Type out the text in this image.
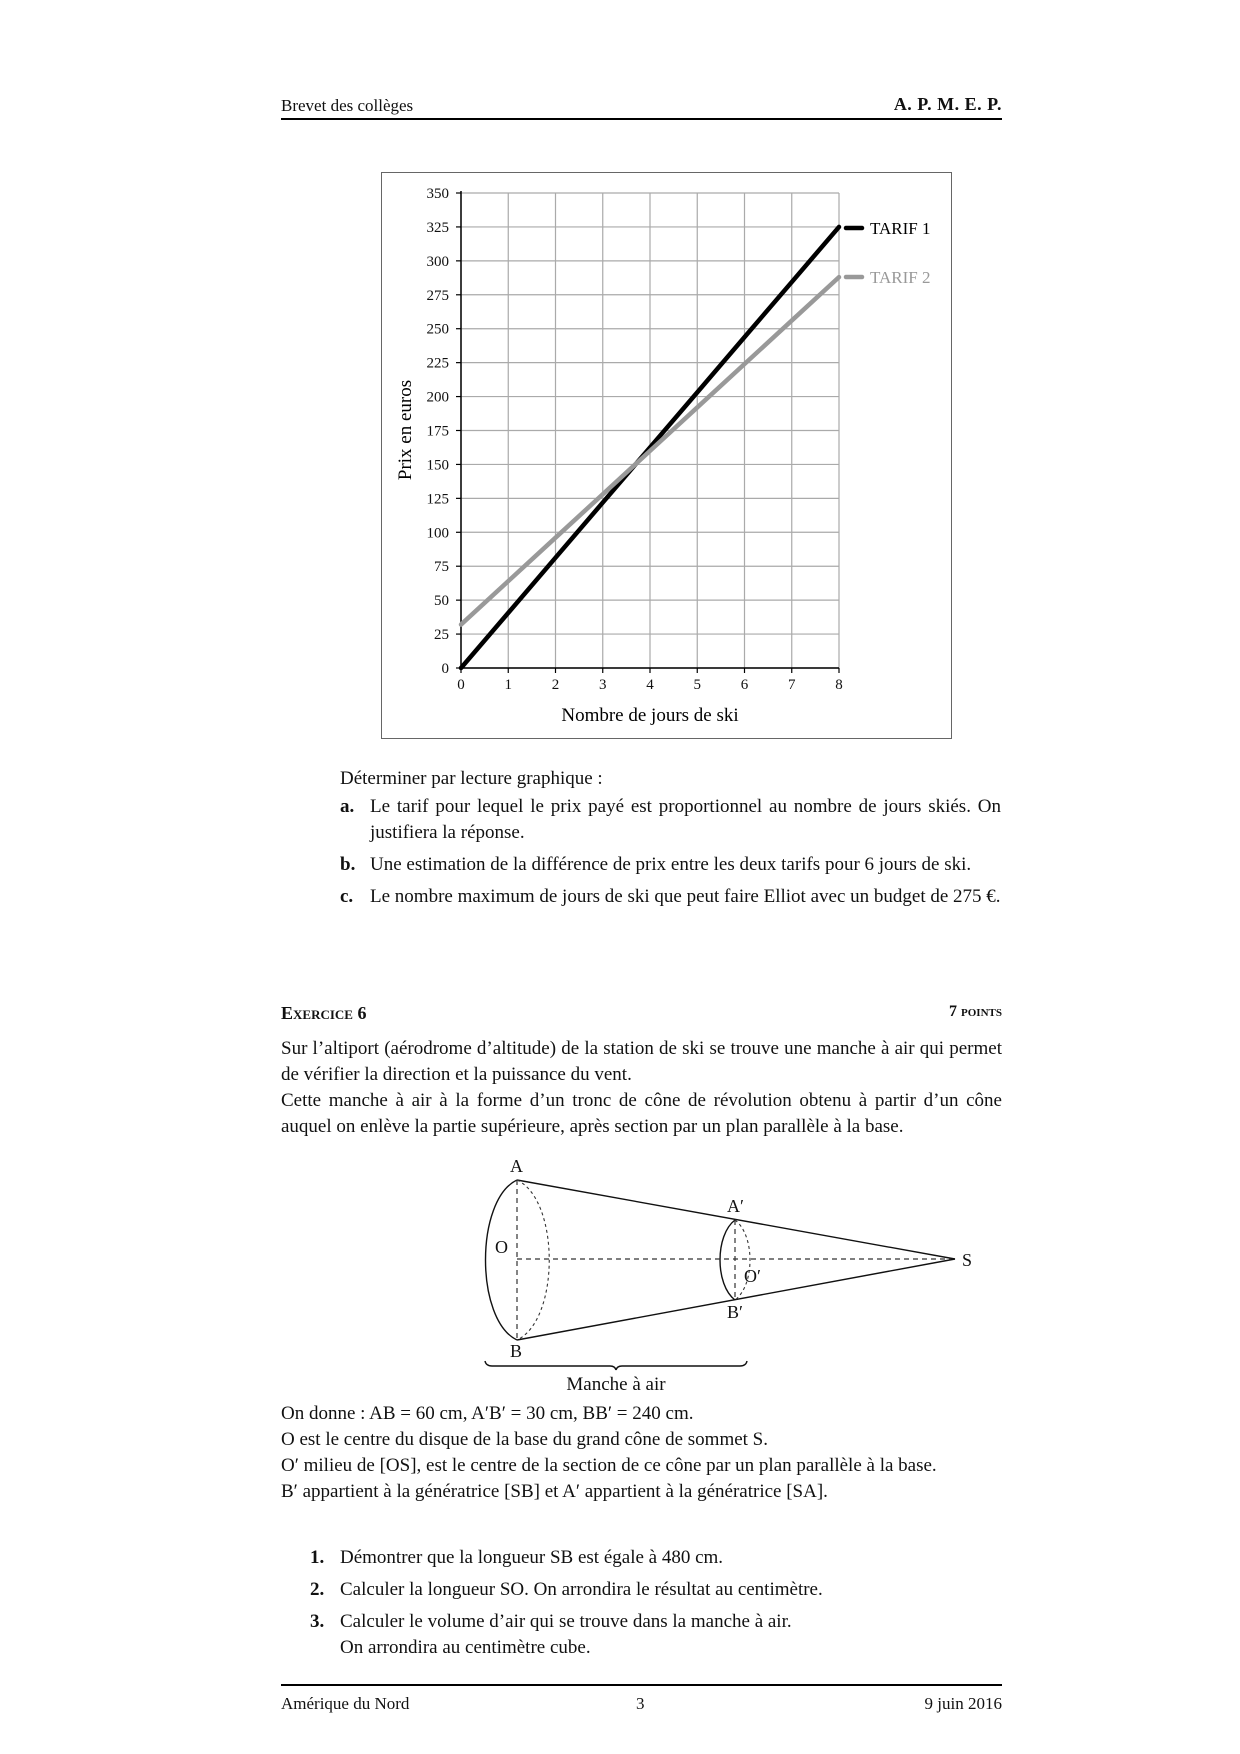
Brevet des collèges	A. P. M. E. P.
0
25
50
75
100
125
150
175
200
225
250
275
300
325
350
0	1	2	3	4	5	6	7	8
TARIF 1
TARIF 2
Prix en euros
Nombre de jours de ski
Déterminer par lecture graphique :
a. Le tarif pour lequel le prix payé est proportionnel au nombre de jours skiés. On justifiera la réponse.
b. Une estimation de la différence de prix entre les deux tarifs pour 6 jours de ski.
c. Le nombre maximum de jours de ski que peut faire Elliot avec un budget de 275 €.
Exercice 6	7 points
Sur l’altiport (aérodrome d’altitude) de la station de ski se trouve une manche à air qui permet de vérifier la direction et la puissance du vent.
Cette manche à air à la forme d’un tronc de cône de révolution obtenu à partir d’un cône auquel on enlève la partie supérieure, après section par un plan parallèle à la base.
A
B
O
A′
B′
O′
S
Manche à air
On donne : AB = 60 cm, A′B′ = 30 cm, BB′ = 240 cm.
O est le centre du disque de la base du grand cône de sommet S.
O′ milieu de [OS], est le centre de la section de ce cône par un plan parallèle à la base.
B′ appartient à la génératrice [SB] et A′ appartient à la génératrice [SA].
1. Démontrer que la longueur SB est égale à 480 cm.
2. Calculer la longueur SO. On arrondira le résultat au centimètre.
3. Calculer le volume d’air qui se trouve dans la manche à air.
On arrondira au centimètre cube.
Amérique du Nord	3	9 juin 2016
